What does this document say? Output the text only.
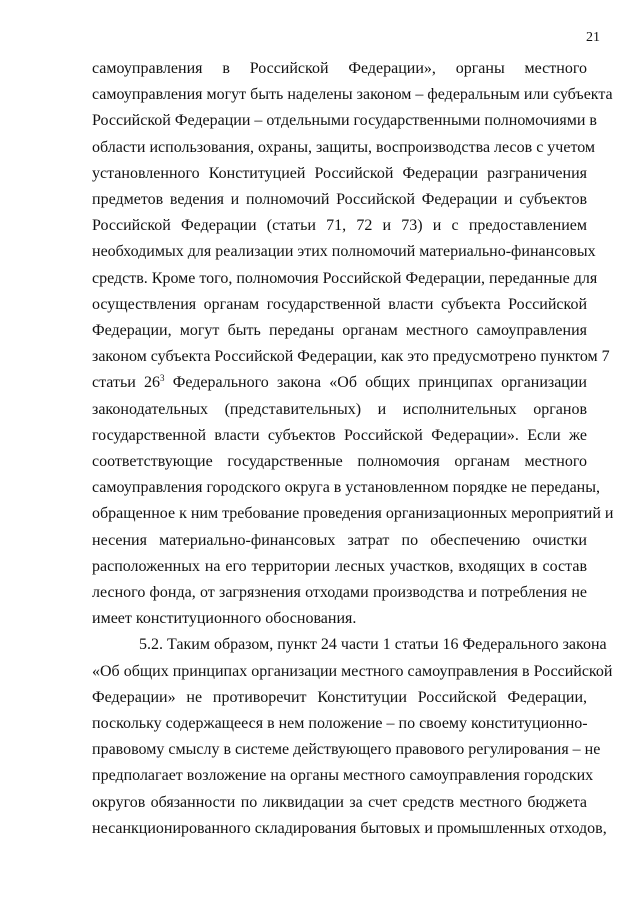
21
самоуправления в Российской Федерации», органы местного
самоуправления могут быть наделены законом – федеральным или субъекта
Российской Федерации – отдельными государственными полномочиями в
области использования, охраны, защиты, воспроизводства лесов с учетом
установленного Конституцией Российской Федерации разграничения
предметов ведения и полномочий Российской Федерации и субъектов
Российской Федерации (статьи 71, 72 и 73) и с предоставлением
необходимых для реализации этих полномочий материально-финансовых
средств. Кроме того, полномочия Российской Федерации, переданные для
осуществления органам государственной власти субъекта Российской
Федерации, могут быть переданы органам местного самоуправления
законом субъекта Российской Федерации, как это предусмотрено пунктом 7
статьи $26^3$ Федерального закона «Об общих принципах организации
законодательных (представительных) и исполнительных органов
государственной власти субъектов Российской Федерации». Если же
соответствующие государственные полномочия органам местного
самоуправления городского округа в установленном порядке не переданы,
обращенное к ним требование проведения организационных мероприятий и
несения материально-финансовых затрат по обеспечению очистки
расположенных на его территории лесных участков, входящих в состав
лесного фонда, от загрязнения отходами производства и потребления не
имеет конституционного обоснования.
5.2. Таким образом, пункт 24 части 1 статьи 16 Федерального закона
«Об общих принципах организации местного самоуправления в Российской
Федерации» не противоречит Конституции Российской Федерации,
поскольку содержащееся в нем положение – по своему конституционно-
правовому смыслу в системе действующего правового регулирования – не
предполагает возложение на органы местного самоуправления городских
округов обязанности по ликвидации за счет средств местного бюджета
несанкционированного складирования бытовых и промышленных отходов,
